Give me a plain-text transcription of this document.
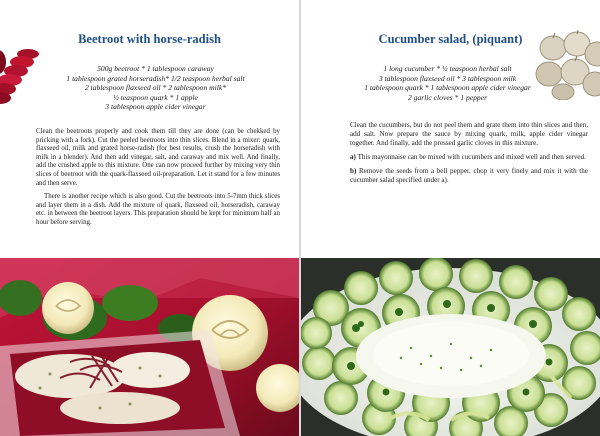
Beetroot with horse-radish
500g beetroot * 1 tablespoon caraway
1 tablespoon grated horseradish* 1/2 teaspoon herbal salt
2 tablespoon flaxseed oil * 2 tablespoon milk*
½ teaspoon quark * 1 apple
3 tablespoon apple cider vinegar

Clean the beetroots properly and cook them till they are done (can be chekked by pricking with a fork). Cut the peeled beetroots into thin slices. Blend in a mixer: quark, flaxseed oil, milk and grated horse-radish (for best results, crush the horseradish with milk in a blender). And then add vinegar, salt, and caraway and mix well. And finally, add the crushed apple to this mixture. One can now proceed further by mixing very thin slices of beetroot with the quark-flaxseed oil-preparation. Let it stand for a few minutes and then serve.

There is another recipe which is also good. Cut the beetroots into 5-7mm thick slices and layer them in a dish. Add the mixture of quark, flaxseed oil, horseradish, caraway etc. in between the beetroot layers. This preparation should be kept for minimum half an hour before serving.

Cucumber salad, (piquant)
1 long cucumber * ½ teaspoon herbal salt
3 tablespoon flaxseed oil * 3 tablespoon milk
1 tablespoon quark * 1 tablespoon apple cider vinegar
2 garlic cloves * 1 pepper

Clean the cucumbers, but do not peel them and grate them into thin slices and then, add salt. Now prepare the sauce by mixing quark, milk, apple cider vinegar together. And finally, add the pressed garlic cloves in this mixture.

a) This mayonnaise can be mixed with cucumbers and mixed well and then served.

b) Remove the seeds from a bell pepper, chop it very finely and mix it with the cucumber salad specified under a).
